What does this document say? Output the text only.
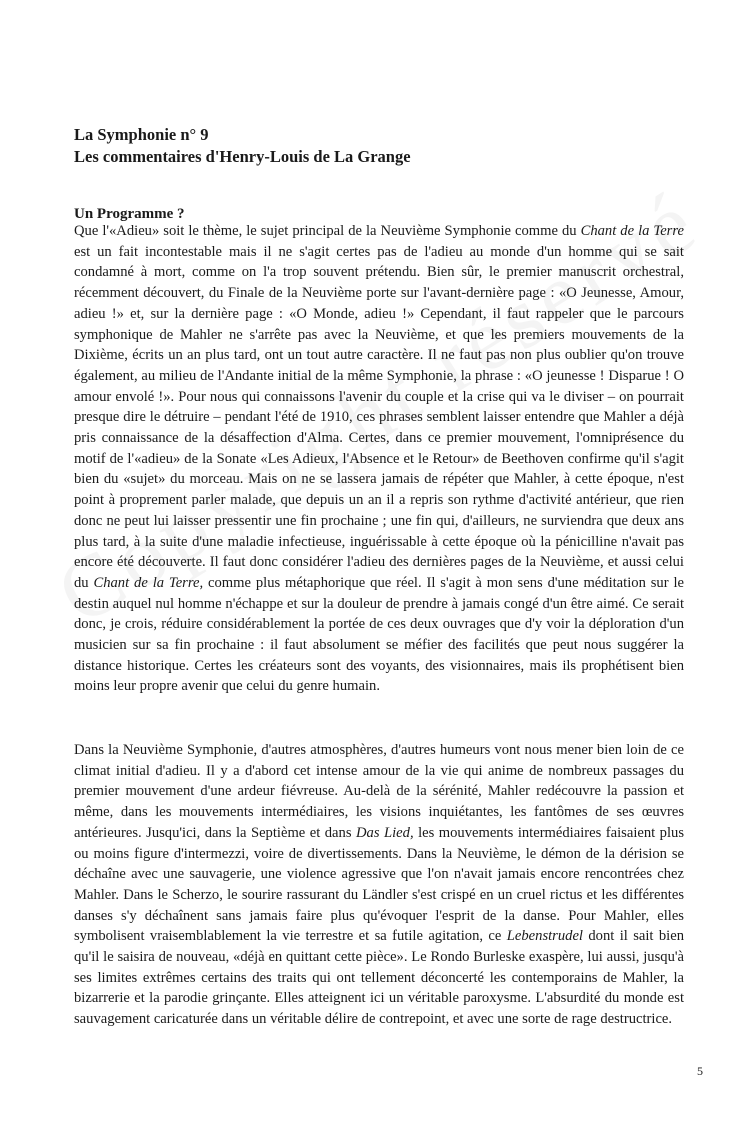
La Symphonie n° 9
Les commentaires d'Henry-Louis de La Grange
Un Programme ?
Que l'«Adieu» soit le thème, le sujet principal de la Neuvième Symphonie comme du Chant de la Terre est un fait incontestable mais il ne s'agit certes pas de l'adieu au monde d'un homme qui se sait condamné à mort, comme on l'a trop souvent prétendu. Bien sûr, le premier manuscrit orchestral, récemment découvert, du Finale de la Neuvième porte sur l'avant-dernière page : «O Jeunesse, Amour, adieu !» et, sur la dernière page : «O Monde, adieu !» Cependant, il faut rappeler que le parcours symphonique de Mahler ne s'arrête pas avec la Neuvième, et que les premiers mouvements de la Dixième, écrits un an plus tard, ont un tout autre caractère. Il ne faut pas non plus oublier qu'on trouve également, au milieu de l'Andante initial de la même Symphonie, la phrase : «O jeunesse ! Disparue ! O amour envolé !». Pour nous qui connaissons l'avenir du couple et la crise qui va le diviser – on pourrait presque dire le détruire – pendant l'été de 1910, ces phrases semblent laisser entendre que Mahler a déjà pris connaissance de la désaffection d'Alma. Certes, dans ce premier mouvement, l'omniprésence du motif de l'«adieu» de la Sonate «Les Adieux, l'Absence et le Retour» de Beethoven confirme qu'il s'agit bien du «sujet» du morceau. Mais on ne se lassera jamais de répéter que Mahler, à cette époque, n'est point à proprement parler malade, que depuis un an il a repris son rythme d'activité antérieur, que rien donc ne peut lui laisser pressentir une fin prochaine ; une fin qui, d'ailleurs, ne surviendra que deux ans plus tard, à la suite d'une maladie infectieuse, inguérissable à cette époque où la pénicilline n'avait pas encore été découverte. Il faut donc considérer l'adieu des dernières pages de la Neuvième, et aussi celui du Chant de la Terre, comme plus métaphorique que réel. Il s'agit à mon sens d'une méditation sur le destin auquel nul homme n'échappe et sur la douleur de prendre à jamais congé d'un être aimé. Ce serait donc, je crois, réduire considérablement la portée de ces deux ouvrages que d'y voir la déploration d'un musicien sur sa fin prochaine : il faut absolument se méfier des facilités que peut nous suggérer la distance historique. Certes les créateurs sont des voyants, des visionnaires, mais ils prophétisent bien moins leur propre avenir que celui du genre humain.
Dans la Neuvième Symphonie, d'autres atmosphères, d'autres humeurs vont nous mener bien loin de ce climat initial d'adieu. Il y a d'abord cet intense amour de la vie qui anime de nombreux passages du premier mouvement d'une ardeur fiévreuse. Au-delà de la sérénité, Mahler redécouvre la passion et même, dans les mouvements intermédiaires, les visions inquiétantes, les fantômes de ses œuvres antérieures. Jusqu'ici, dans la Septième et dans Das Lied, les mouvements intermédiaires faisaient plus ou moins figure d'intermezzi, voire de divertissements. Dans la Neuvième, le démon de la dérision se déchaîne avec une sauvagerie, une violence agressive que l'on n'avait jamais encore rencontrées chez Mahler. Dans le Scherzo, le sourire rassurant du Ländler s'est crispé en un cruel rictus et les différentes danses s'y déchaînent sans jamais faire plus qu'évoquer l'esprit de la danse. Pour Mahler, elles symbolisent vraisemblablement la vie terrestre et sa futile agitation, ce Lebenstrudel dont il sait bien qu'il le saisira de nouveau, «déjà en quittant cette pièce». Le Rondo Burleske exaspère, lui aussi, jusqu'à ses limites extrêmes certains des traits qui ont tellement déconcerté les contemporains de Mahler, la bizarrerie et la parodie grinçante. Elles atteignent ici un véritable paroxysme. L'absurdité du monde est sauvagement caricaturée dans un véritable délire de contrepoint, et avec une sorte de rage destructrice.
5
